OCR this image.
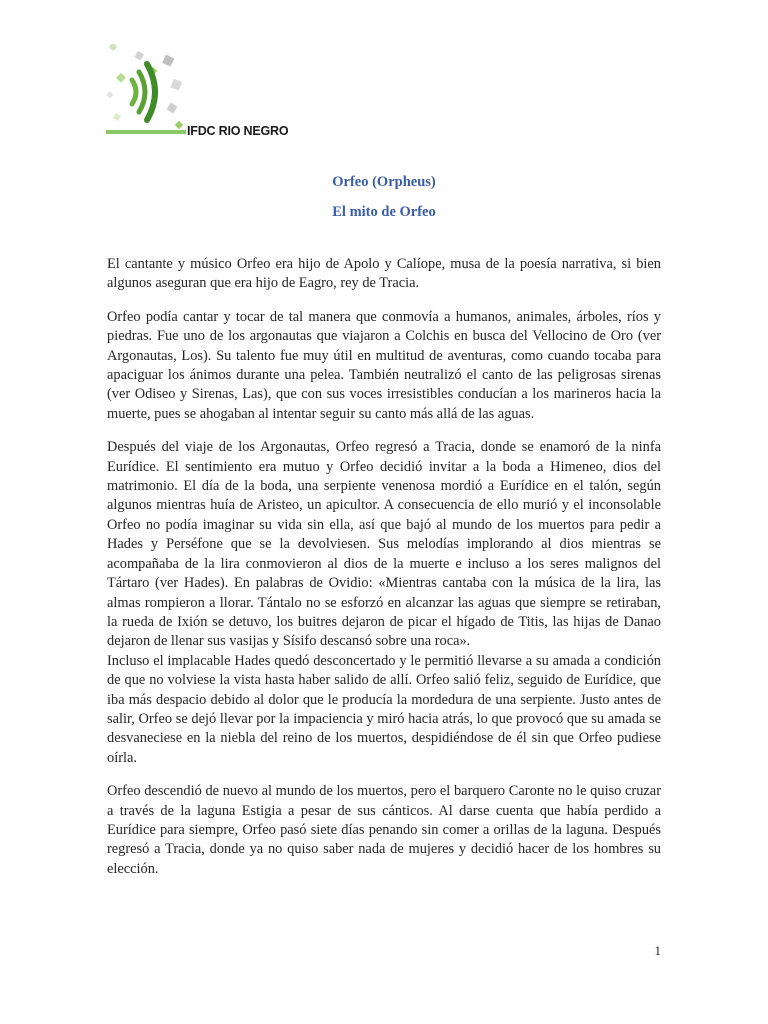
IFDC RIO NEGRO
Orfeo (Orpheus)
El mito de Orfeo

El cantante y músico Orfeo era hijo de Apolo y Calíope, musa de la poesía narrativa, si bien algunos aseguran que era hijo de Eagro, rey de Tracia.

Orfeo podía cantar y tocar de tal manera que conmovía a humanos, animales, árboles, ríos y piedras. Fue uno de los argonautas que viajaron a Colchis en busca del Vellocino de Oro (ver Argonautas, Los). Su talento fue muy útil en multitud de aventuras, como cuando tocaba para apaciguar los ánimos durante una pelea. También neutralizó el canto de las peligrosas sirenas (ver Odiseo y Sirenas, Las), que con sus voces irresistibles conducían a los marineros hacia la muerte, pues se ahogaban al intentar seguir su canto más allá de las aguas.

Después del viaje de los Argonautas, Orfeo regresó a Tracia, donde se enamoró de la ninfa Eurídice. El sentimiento era mutuo y Orfeo decidió invitar a la boda a Himeneo, dios del matrimonio. El día de la boda, una serpiente venenosa mordió a Eurídice en el talón, según algunos mientras huía de Aristeo, un apicultor. A consecuencia de ello murió y el inconsolable Orfeo no podía imaginar su vida sin ella, así que bajó al mundo de los muertos para pedir a Hades y Perséfone que se la devolviesen. Sus melodías implorando al dios mientras se acompañaba de la lira conmovieron al dios de la muerte e incluso a los seres malignos del Tártaro (ver Hades). En palabras de Ovidio: «Mientras cantaba con la música de la lira, las almas rompieron a llorar. Tántalo no se esforzó en alcanzar las aguas que siempre se retiraban, la rueda de Ixión se detuvo, los buitres dejaron de picar el hígado de Titis, las hijas de Danao dejaron de llenar sus vasijas y Sísifo descansó sobre una roca».

Incluso el implacable Hades quedó desconcertado y le permitió llevarse a su amada a condición de que no volviese la vista hasta haber salido de allí. Orfeo salió feliz, seguido de Eurídice, que iba más despacio debido al dolor que le producía la mordedura de una serpiente. Justo antes de salir, Orfeo se dejó llevar por la impaciencia y miró hacia atrás, lo que provocó que su amada se desvaneciese en la niebla del reino de los muertos, despidiéndose de él sin que Orfeo pudiese oírla.

Orfeo descendió de nuevo al mundo de los muertos, pero el barquero Caronte no le quiso cruzar a través de la laguna Estigia a pesar de sus cánticos. Al darse cuenta que había perdido a Eurídice para siempre, Orfeo pasó siete días penando sin comer a orillas de la laguna. Después regresó a Tracia, donde ya no quiso saber nada de mujeres y decidió hacer de los hombres su elección.

1
